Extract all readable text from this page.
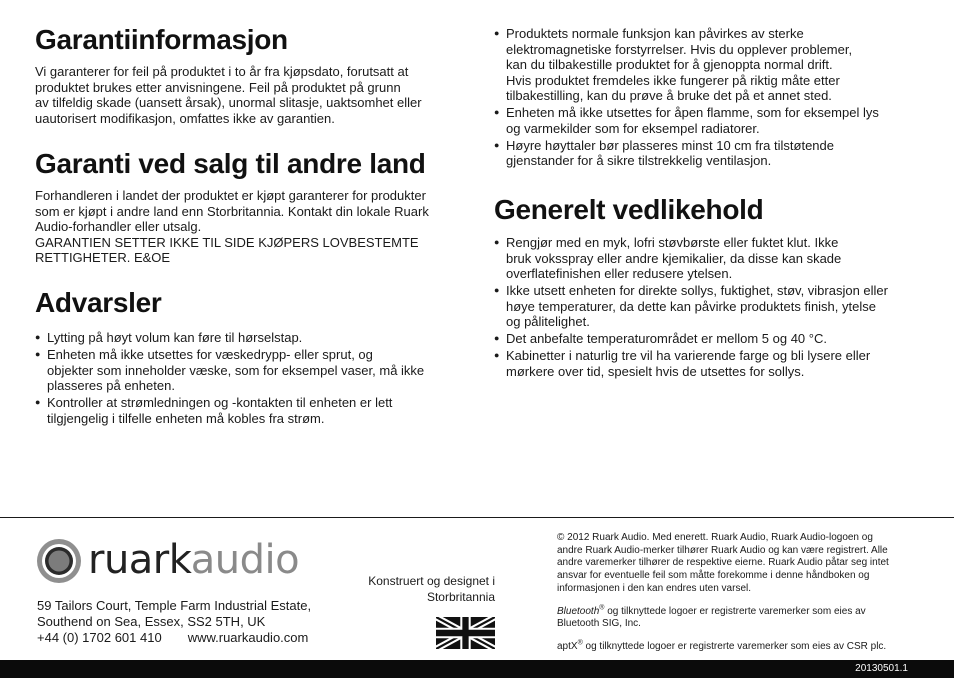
Garantiinformasjon

Vi garanterer for feil på produktet i to år fra kjøpsdato, forutsatt at

produktet brukes etter anvisningene. Feil på produktet på grunn

av tilfeldig skade (uansett årsak), unormal slitasje, uaktsomhet eller

uautorisert modifikasjon, omfattes ikke av garantien.

Garanti ved salg til andre land

Forhandleren i landet der produktet er kjøpt garanterer for produkter

som er kjøpt i andre land enn Storbritannia. Kontakt din lokale Ruark

Audio-forhandler eller utsalg.

GARANTIEN SETTER IKKE TIL SIDE KJØPERS LOVBESTEMTE

RETTIGHETER. E&OE

Advarsler
● Lytting på høyt volum kan føre til hørselstap.
● Enheten må ikke utsettes for væskedrypp- eller sprut, og
objekter som inneholder væske, som for eksempel vaser, må ikke
plasseres på enheten.
● Kontroller at strømledningen og -kontakten til enheten er lett
tilgjengelig i tilfelle enheten må kobles fra strøm.
● Produktets normale funksjon kan påvirkes av sterke
elektromagnetiske forstyrrelser. Hvis du opplever problemer,
kan du tilbakestille produktet for å gjenoppta normal drift.
Hvis produktet fremdeles ikke fungerer på riktig måte etter
tilbakestilling, kan du prøve å bruke det på et annet sted.
● Enheten må ikke utsettes for åpen flamme, som for eksempel lys
og varmekilder som for eksempel radiatorer.
● Høyre høyttaler bør plasseres minst 10 cm fra tilstøtende
gjenstander for å sikre tilstrekkelig ventilasjon.
Generelt vedlikehold
● Rengjør med en myk, lofri støvbørste eller fuktet klut. Ikke
bruk voksspray eller andre kjemikalier, da disse kan skade
overflatefinishen eller redusere ytelsen.
● Ikke utsett enheten for direkte sollys, fuktighet, støv, vibrasjon eller
høye temperaturer, da dette kan påvirke produktets finish, ytelse
og pålitelighet.
● Det anbefalte temperaturområdet er mellom 5 og 40 °C.
● Kabinetter i naturlig tre vil ha varierende farge og bli lysere eller
mørkere over tid, spesielt hvis de utsettes for sollys.
ruarkaudio
59 Tailors Court, Temple Farm Industrial Estate,
Southend on Sea, Essex, SS2 5TH, UK
+44 (0) 1702 601 410 www.ruarkaudio.com
Konstruert og designet i
Storbritannia

© 2012 Ruark Audio. Med enerett. Ruark Audio, Ruark Audio-logoen og
andre Ruark Audio-merker tilhører Ruark Audio og kan være registrert. Alle
andre varemerker tilhører de respektive eierne. Ruark Audio påtar seg intet
ansvar for eventuelle feil som måtte forekomme i denne håndboken og
informasjonen i den kan endres uten varsel.

Bluetooth® og tilknyttede logoer er registrerte varemerker som eies av
Bluetooth SIG, Inc.

aptX® og tilknyttede logoer er registrerte varemerker som eies av CSR plc.

20130501.1
